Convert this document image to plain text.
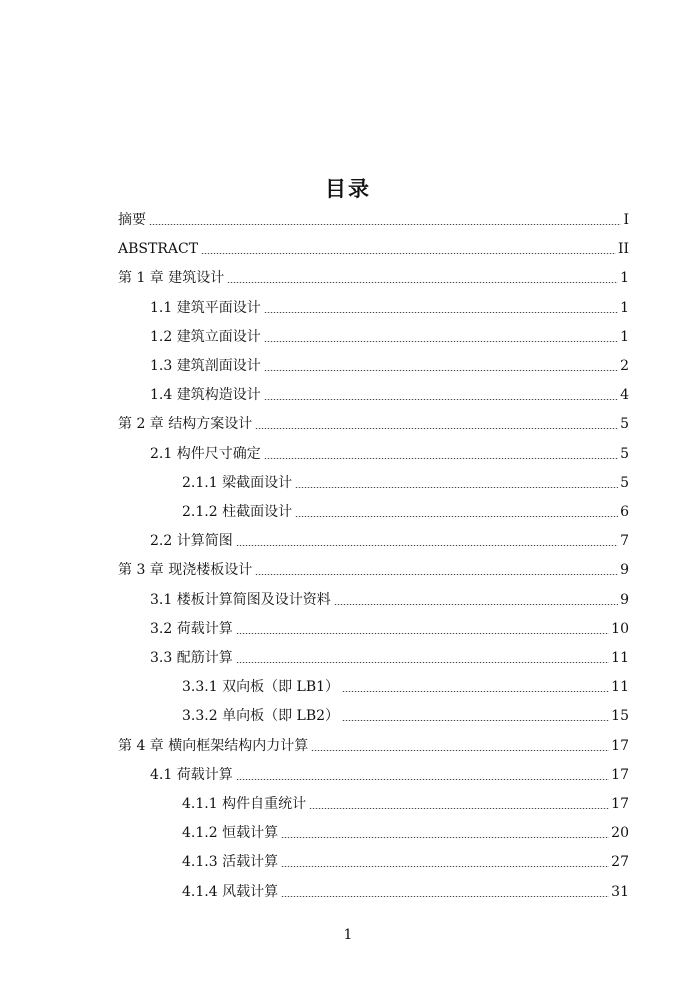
目录
摘要	I
ABSTRACT	II
第 1 章 建筑设计	1
1.1 建筑平面设计	1
1.2 建筑立面设计	1
1.3 建筑剖面设计	2
1.4 建筑构造设计	4
第 2 章 结构方案设计	5
2.1 构件尺寸确定	5
2.1.1 梁截面设计	5
2.1.2 柱截面设计	6
2.2 计算简图	7
第 3 章 现浇楼板设计	9
3.1 楼板计算简图及设计资料	9
3.2 荷载计算	10
3.3 配筋计算	11
3.3.1 双向板（即 LB1）	11
3.3.2 单向板（即 LB2）	15
第 4 章 横向框架结构内力计算	17
4.1 荷载计算	17
4.1.1 构件自重统计	17
4.1.2 恒载计算	20
4.1.3 活载计算	27
4.1.4 风载计算	31
1
